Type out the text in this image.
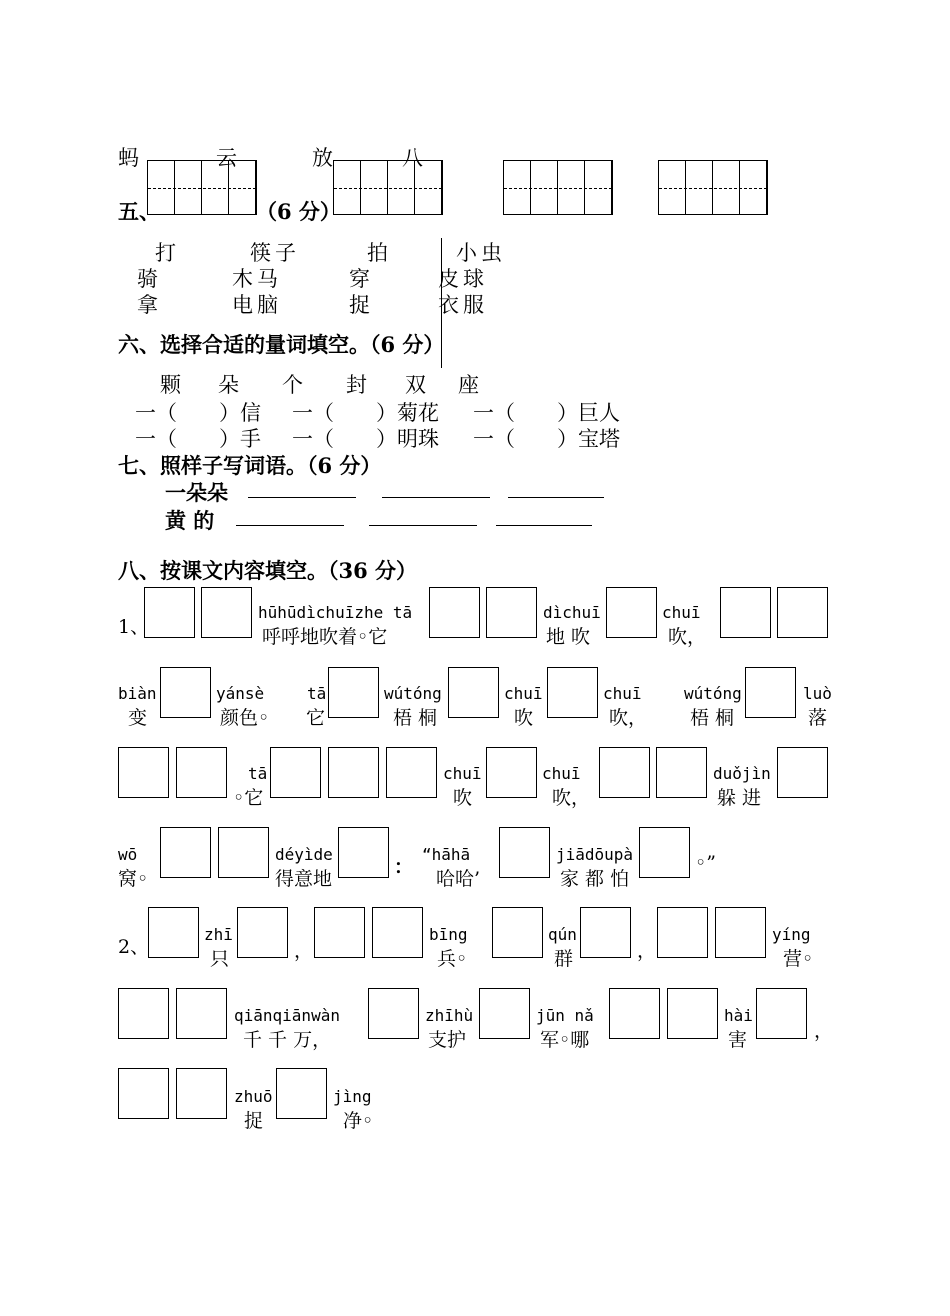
蚂	云	放	八
五、	（6 分）
打	筷子	拍	小虫
骑	木马	穿	皮球
拿	电脑	捉	衣服
六、选择合适的量词填空。（6 分）
颗 朵 个 封 双 座
一（　　）信 一（　　）菊花 一（　　）巨人
一（　　）手 一（　　）明珠 一（　　）宝塔
七、照样子写词语。（6 分）
一朵朵
黄 的
八、按课文内容填空。（36 分）
1、
hūhūdìchuīzhe tā
呼呼地吹着◦它
dìchuī
地 吹
chuī
吹，
biàn
变
yánsè
颜色◦
tā
它
wútóng
梧 桐
chuī
吹
chuī
吹，
wútóng
梧 桐
luò
落
tā
◦它
chuī
吹
chuī
吹，
duǒjìn
躲 进
wō
窝◦
déyìde
得意地
：
“hāhā
哈哈’
jiādōupà
家 都 怕
◦”
2、
zhī
只	，
bīng
兵◦
qún
群	，
yíng
营◦
qiānqiānwàn
千 千 万，
zhīhù
支护
jūn nǎ
军◦哪
hài
害	，
zhuō
捉
jìng
净◦
